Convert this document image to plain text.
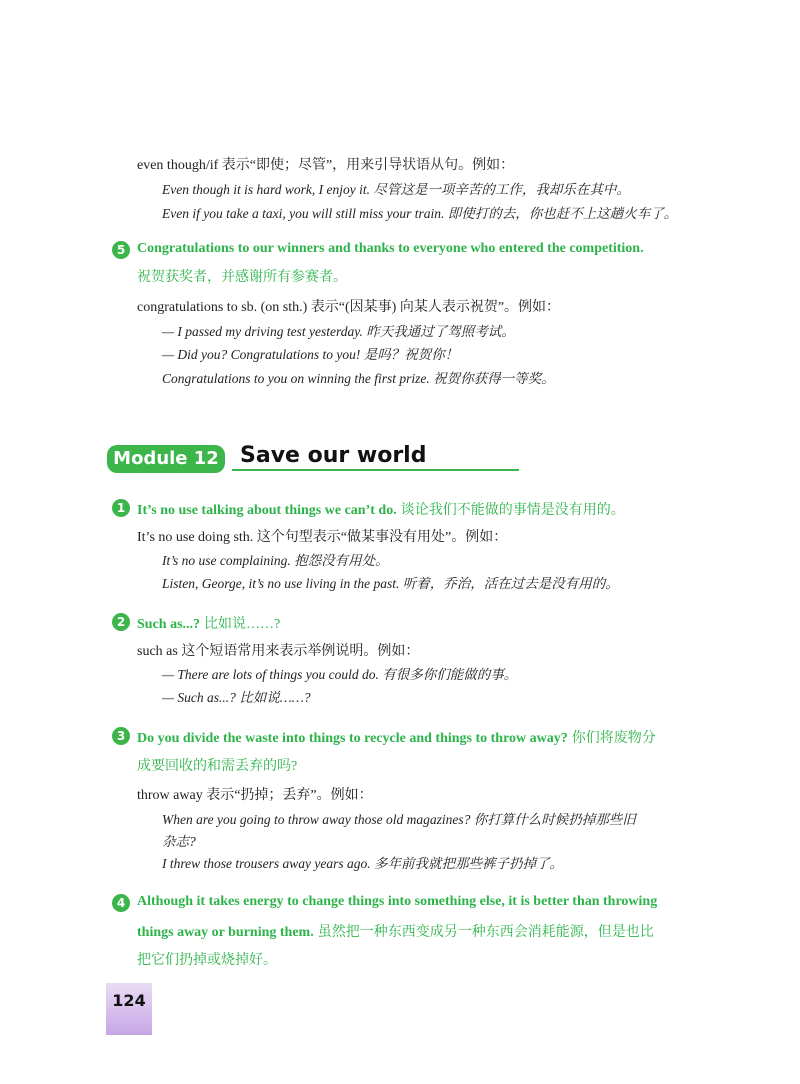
even though/if 表示“即使；尽管”，用来引导状语从句。例如：
Even though it is hard work, I enjoy it. 尽管这是一项辛苦的工作，我却乐在其中。
Even if you take a taxi, you will still miss your train. 即使打的去，你也赶不上这趟火车了。
5 Congratulations to our winners and thanks to everyone who entered the competition.
祝贺获奖者，并感谢所有参赛者。
congratulations to sb. (on sth.) 表示“(因某事) 向某人表示祝贺”。例如：
— I passed my driving test yesterday. 昨天我通过了驾照考试。
— Did you? Congratulations to you! 是吗？祝贺你！
Congratulations to you on winning the first prize. 祝贺你获得一等奖。
Module 12 Save our world
1 It’s no use talking about things we can’t do. 谈论我们不能做的事情是没有用的。
It’s no use doing sth. 这个句型表示“做某事没有用处”。例如：
It’s no use complaining. 抱怨没有用处。
Listen, George, it’s no use living in the past. 听着，乔治，活在过去是没有用的。
2 Such as...? 比如说……?
such as 这个短语常用来表示举例说明。例如：
— There are lots of things you could do. 有很多你们能做的事。
— Such as...? 比如说……?
3 Do you divide the waste into things to recycle and things to throw away? 你们将废物分
成要回收的和需丢弃的吗?
throw away 表示“扔掉；丢弃”。例如：
When are you going to throw away those old magazines? 你打算什么时候扔掉那些旧
杂志?
I threw those trousers away years ago. 多年前我就把那些裤子扔掉了。
4 Although it takes energy to change things into something else, it is better than throwing
things away or burning them. 虽然把一种东西变成另一种东西会消耗能源，但是也比
把它们扔掉或烧掉好。
124
